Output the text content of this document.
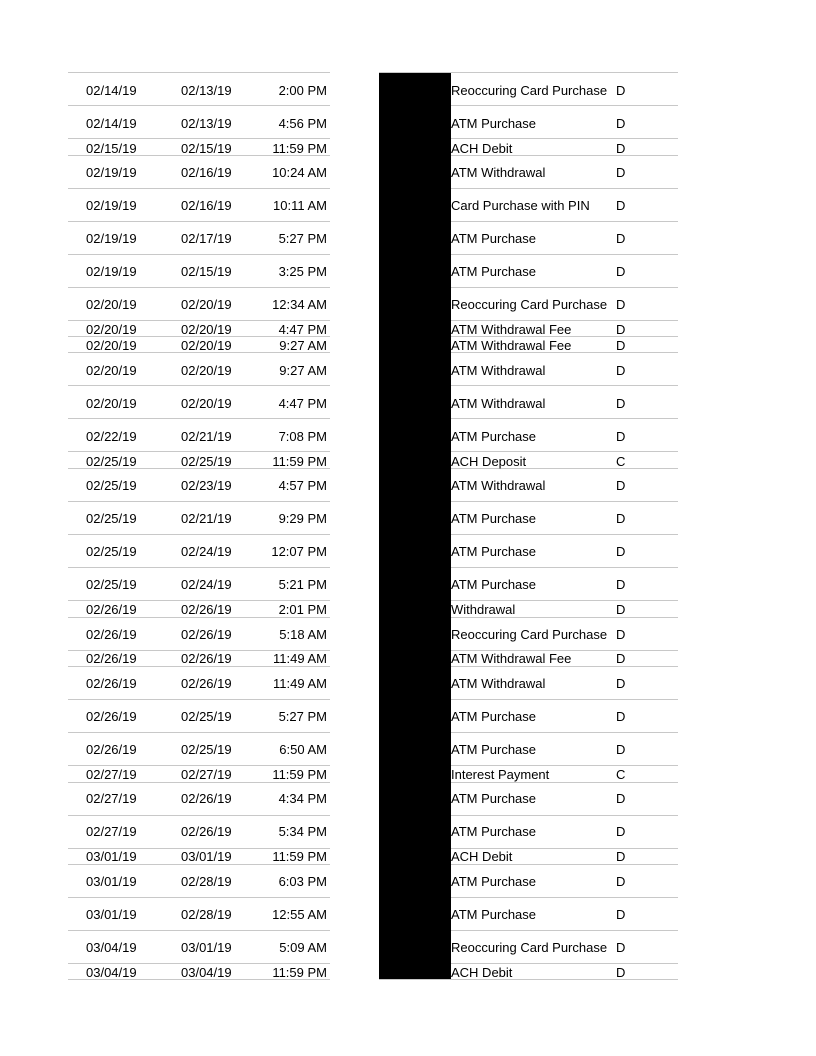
02/14/19	02/13/19	2:00 PM	Reoccuring Card Purchase D
02/14/19	02/13/19	4:56 PM	ATM Purchase	D
02/15/19	02/15/19	11:59 PM	ACH Debit	D
02/19/19	02/16/19	10:24 AM	ATM Withdrawal	D
02/19/19	02/16/19	10:11 AM	Card Purchase with PIN D
02/19/19	02/17/19	5:27 PM	ATM Purchase	D
02/19/19	02/15/19	3:25 PM	ATM Purchase	D
02/20/19	02/20/19	12:34 AM	Reoccuring Card Purchase D
02/20/19	02/20/19	4:47 PM	ATM Withdrawal Fee	D
02/20/19	02/20/19	9:27 AM	ATM Withdrawal Fee	D
02/20/19	02/20/19	9:27 AM	ATM Withdrawal	D
02/20/19	02/20/19	4:47 PM	ATM Withdrawal	D
02/22/19	02/21/19	7:08 PM	ATM Purchase	D
02/25/19	02/25/19	11:59 PM	ACH Deposit	C
02/25/19	02/23/19	4:57 PM	ATM Withdrawal	D
02/25/19	02/21/19	9:29 PM	ATM Purchase	D
02/25/19	02/24/19	12:07 PM	ATM Purchase	D
02/25/19	02/24/19	5:21 PM	ATM Purchase	D
02/26/19	02/26/19	2:01 PM	Withdrawal	D
02/26/19	02/26/19	5:18 AM	Reoccuring Card Purchase D
02/26/19	02/26/19	11:49 AM	ATM Withdrawal Fee	D
02/26/19	02/26/19	11:49 AM	ATM Withdrawal	D
02/26/19	02/25/19	5:27 PM	ATM Purchase	D
02/26/19	02/25/19	6:50 AM	ATM Purchase	D
02/27/19	02/27/19	11:59 PM	Interest Payment	C
02/27/19	02/26/19	4:34 PM	ATM Purchase	D
02/27/19	02/26/19	5:34 PM	ATM Purchase	D
03/01/19	03/01/19	11:59 PM	ACH Debit	D
03/01/19	02/28/19	6:03 PM	ATM Purchase	D
03/01/19	02/28/19	12:55 AM	ATM Purchase	D
03/04/19	03/01/19	5:09 AM	Reoccuring Card Purchase D
03/04/19	03/04/19	11:59 PM	ACH Debit	D
